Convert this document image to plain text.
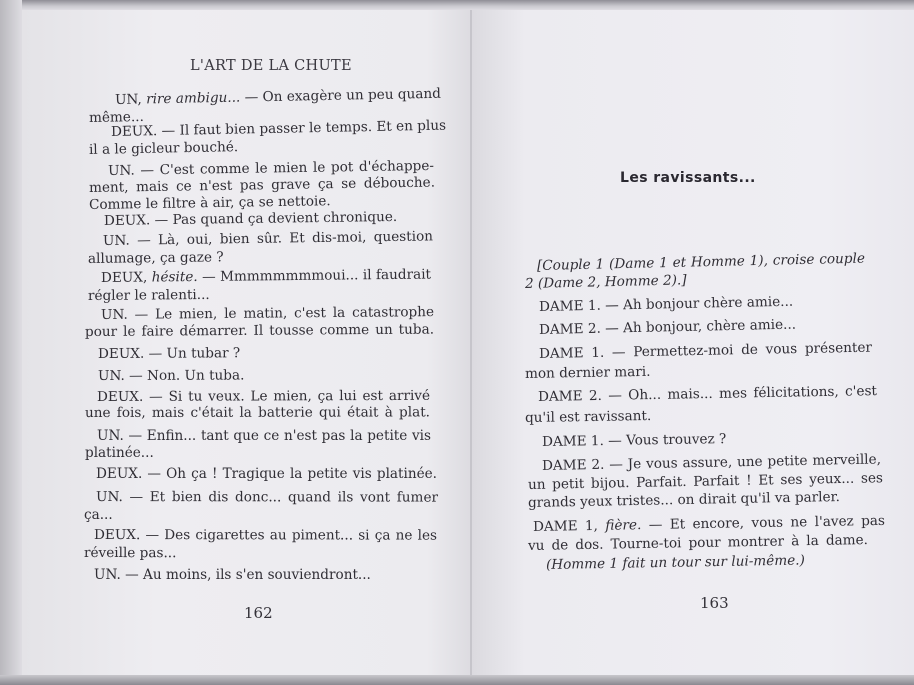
L'ART DE LA CHUTE
UN, rire ambigu... — On exagère un peu quand
même...
DEUX. — Il faut bien passer le temps. Et en plus
il a le gicleur bouché.
UN. — C'est comme le mien le pot d'échappe-
ment, mais ce n'est pas grave ça se débouche.
Comme le filtre à air, ça se nettoie.
DEUX. — Pas quand ça devient chronique.
UN. — Là, oui, bien sûr. Et dis-moi, question
allumage, ça gaze ?
DEUX, hésite. — Mmmmmmmmoui... il faudrait
régler le ralenti...
UN. — Le mien, le matin, c'est la catastrophe
pour le faire démarrer. Il tousse comme un tuba.
DEUX. — Un tubar ?
UN. — Non. Un tuba.
DEUX. — Si tu veux. Le mien, ça lui est arrivé
une fois, mais c'était la batterie qui était à plat.
UN. — Enfin... tant que ce n'est pas la petite vis
platinée...
DEUX. — Oh ça ! Tragique la petite vis platinée.
UN. — Et bien dis donc... quand ils vont fumer
ça...
DEUX. — Des cigarettes au piment... si ça ne les
réveille pas...
UN. — Au moins, ils s'en souviendront...
162
Les ravissants...
[Couple 1 (Dame 1 et Homme 1), croise couple
2 (Dame 2, Homme 2).]
DAME 1. — Ah bonjour chère amie...
DAME 2. — Ah bonjour, chère amie...
DAME 1. — Permettez-moi de vous présenter
mon dernier mari.
DAME 2. — Oh... mais... mes félicitations, c'est
qu'il est ravissant.
DAME 1. — Vous trouvez ?
DAME 2. — Je vous assure, une petite merveille,
un petit bijou. Parfait. Parfait ! Et ses yeux... ses
grands yeux tristes... on dirait qu'il va parler.
DAME 1, fière. — Et encore, vous ne l'avez pas
vu de dos. Tourne-toi pour montrer à la dame.
(Homme 1 fait un tour sur lui-même.)
163
